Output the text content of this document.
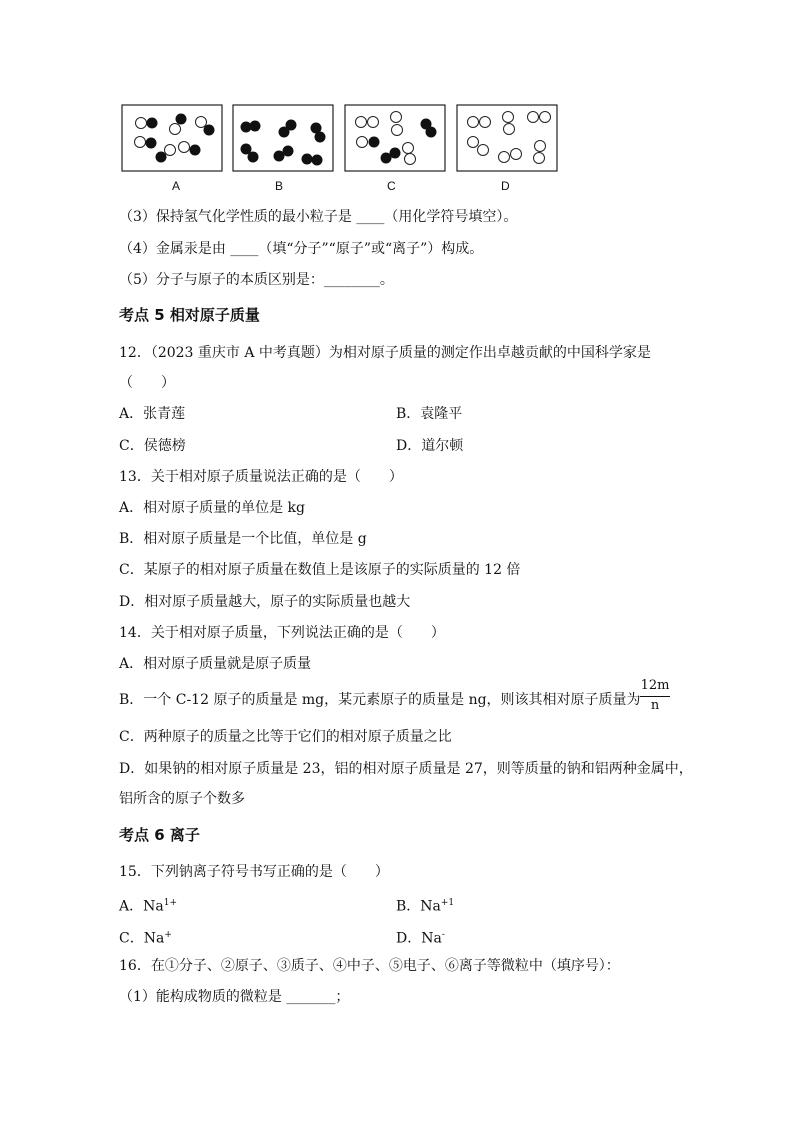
A	B	C	D
（3）保持氢气化学性质的最小粒子是 ____（用化学符号填空）。
（4）金属汞是由 ____（填“分子”“原子”或“离子”）构成。
（5）分子与原子的本质区别是：________。
考点 5 相对原子质量
12．（2023 重庆市 A 中考真题）为相对原子质量的测定作出卓越贡献的中国科学家是
（　　）
A．张青莲	B．袁隆平
C．侯德榜	D．道尔顿
13．关于相对原子质量说法正确的是（　　）
A．相对原子质量的单位是 kg
B．相对原子质量是一个比值，单位是 g
C．某原子的相对原子质量在数值上是该原子的实际质量的 12 倍
D．相对原子质量越大，原子的实际质量也越大
14．关于相对原子质量，下列说法正确的是（　　）
A．相对原子质量就是原子质量
B．一个 C-12 原子的质量是 mg，某元素原子的质量是 ng，则该其相对原子质量为
12m
n
C．两种原子的质量之比等于它们的相对原子质量之比
D．如果钠的相对原子质量是 23，铝的相对原子质量是 27，则等质量的钠和铝两种金属中，
铝所含的原子个数多
考点 6 离子
15．下列钠离子符号书写正确的是（　　）
A．$Na^{1+}$	B．$Na^{+1}$
C．Na+	D．Na-
16．在①分子、②原子、③质子、④中子、⑤电子、⑥离子等微粒中（填序号）：
（1）能构成物质的微粒是 _______；
